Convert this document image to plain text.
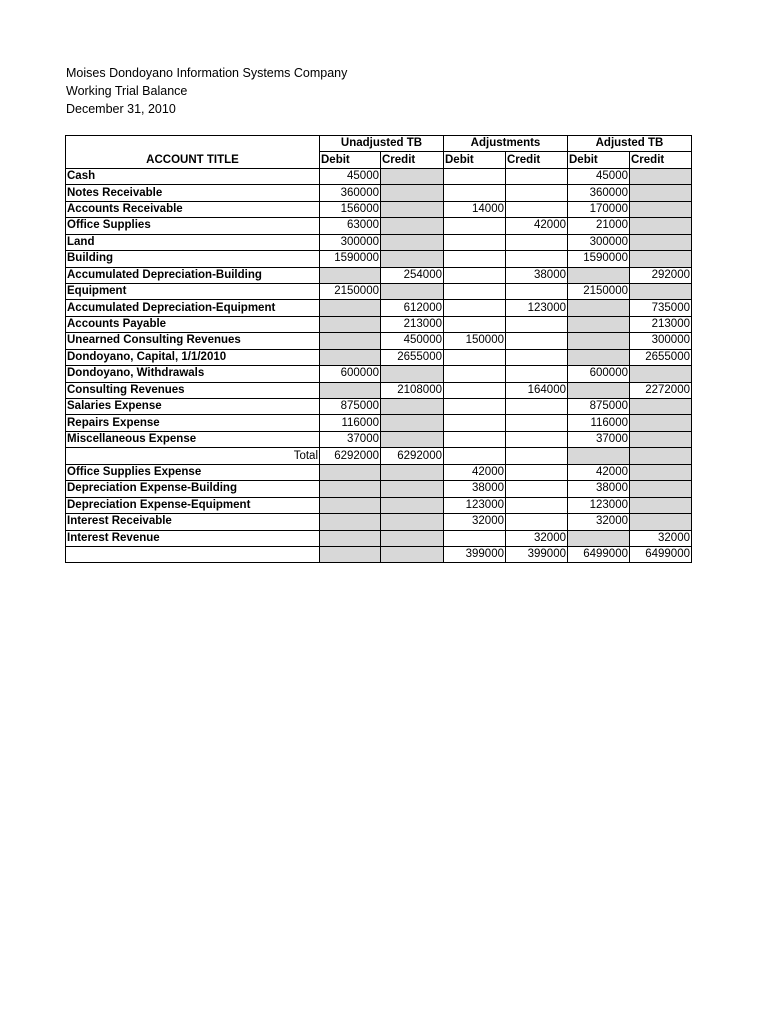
Moises Dondoyano Information Systems Company
Working Trial Balance
December 31, 2010
ACCOUNT TITLE	Unadjusted TB		Adjustments		Adjusted TB	
	Debit	Credit	Debit	Credit	Debit	Credit
Cash	45000				45000	
Notes Receivable	360000				360000	
Accounts Receivable	156000		14000		170000	
Office Supplies	63000			42000	21000	
Land	300000				300000	
Building	1590000				1590000	
Accumulated Depreciation-Building		254000		38000		292000
Equipment	2150000				2150000	
Accumulated Depreciation-Equipment		612000		123000		735000
Accounts Payable		213000				213000
Unearned Consulting Revenues		450000	150000			300000
Dondoyano, Capital, 1/1/2010		2655000				2655000
Dondoyano, Withdrawals	600000				600000	
Consulting Revenues		2108000		164000		2272000
Salaries Expense	875000				875000	
Repairs Expense	116000				116000	
Miscellaneous Expense	37000				37000	
Total	6292000	6292000				
Office Supplies Expense			42000		42000	
Depreciation Expense-Building			38000		38000	
Depreciation Expense-Equipment			123000		123000	
Interest Receivable			32000		32000	
Interest Revenue				32000		32000
			399000	399000	6499000	6499000
